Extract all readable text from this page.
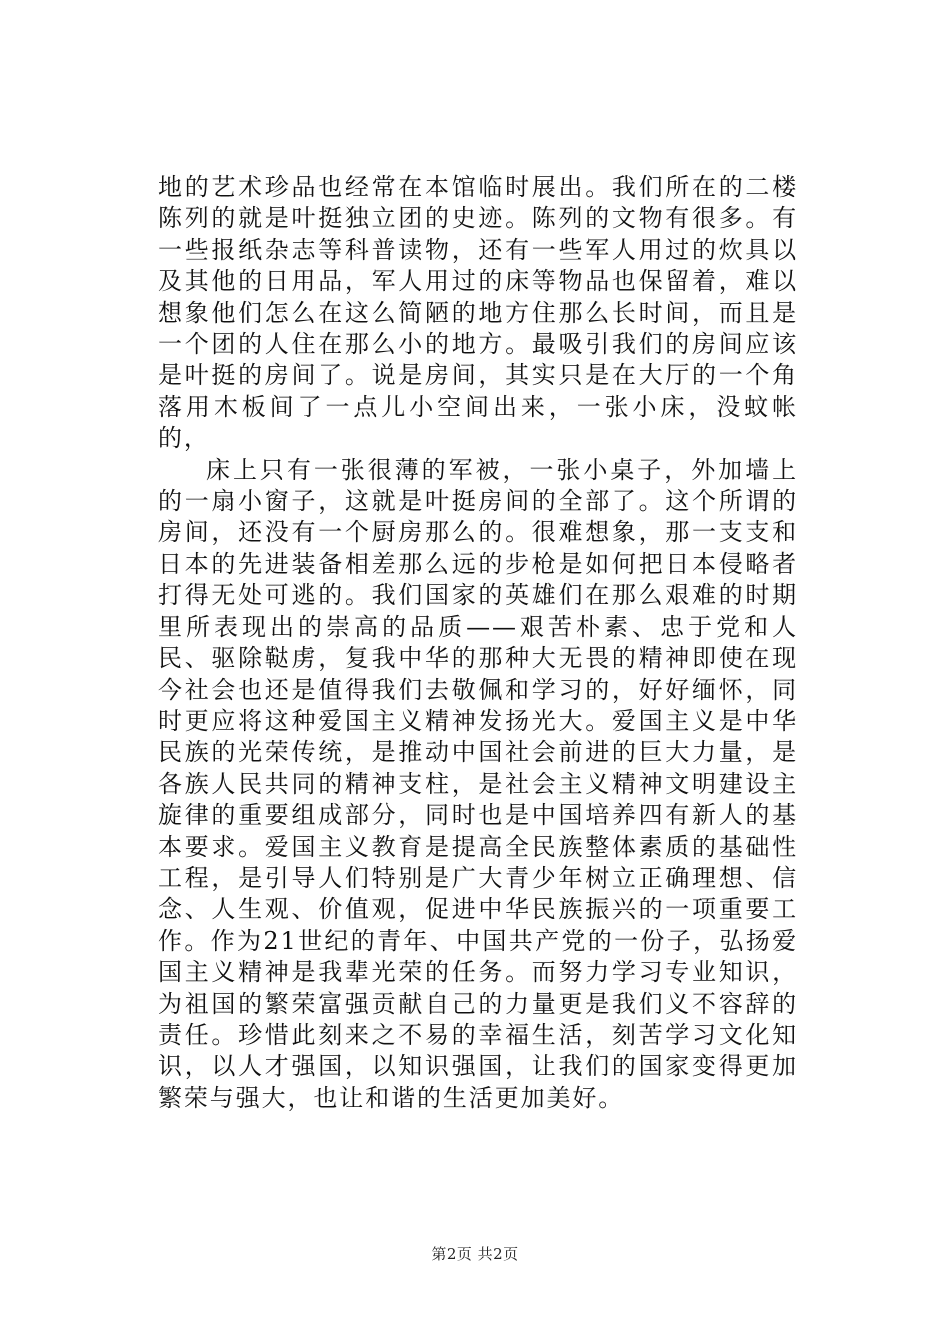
地的艺术珍品也经常在本馆临时展出。我们所在的二楼陈列的就是叶挺独立团的史迹。陈列的文物有很多。有一些报纸杂志等科普读物，还有一些军人用过的炊具以及其他的日用品，军人用过的床等物品也保留着，难以想象他们怎么在这么简陋的地方住那么长时间，而且是一个团的人住在那么小的地方。最吸引我们的房间应该是叶挺的房间了。说是房间，其实只是在大厅的一个角落用木板间了一点儿小空间出来，一张小床，没蚊帐的，

床上只有一张很薄的军被，一张小桌子，外加墙上的一扇小窗子，这就是叶挺房间的全部了。这个所谓的房间，还没有一个厨房那么的。很难想象，那一支支和日本的先进装备相差那么远的步枪是如何把日本侵略者打得无处可逃的。我们国家的英雄们在那么艰难的时期里所表现出的崇高的品质——艰苦朴素、忠于党和人民、驱除鞑虏，复我中华的那种大无畏的精神即使在现今社会也还是值得我们去敬佩和学习的，好好缅怀，同时更应将这种爱国主义精神发扬光大。爱国主义是中华民族的光荣传统，是推动中国社会前进的巨大力量，是各族人民共同的精神支柱，是社会主义精神文明建设主旋律的重要组成部分，同时也是中国培养四有新人的基本要求。爱国主义教育是提高全民族整体素质的基础性工程，是引导人们特别是广大青少年树立正确理想、信念、人生观、价值观，促进中华民族振兴的一项重要工作。作为21世纪的青年、中国共产党的一份子，弘扬爱国主义精神是我辈光荣的任务。而努力学习专业知识，为祖国的繁荣富强贡献自己的力量更是我们义不容辞的责任。珍惜此刻来之不易的幸福生活，刻苦学习文化知识，以人才强国，以知识强国，让我们的国家变得更加繁荣与强大，也让和谐的生活更加美好。

第2页 共2页
